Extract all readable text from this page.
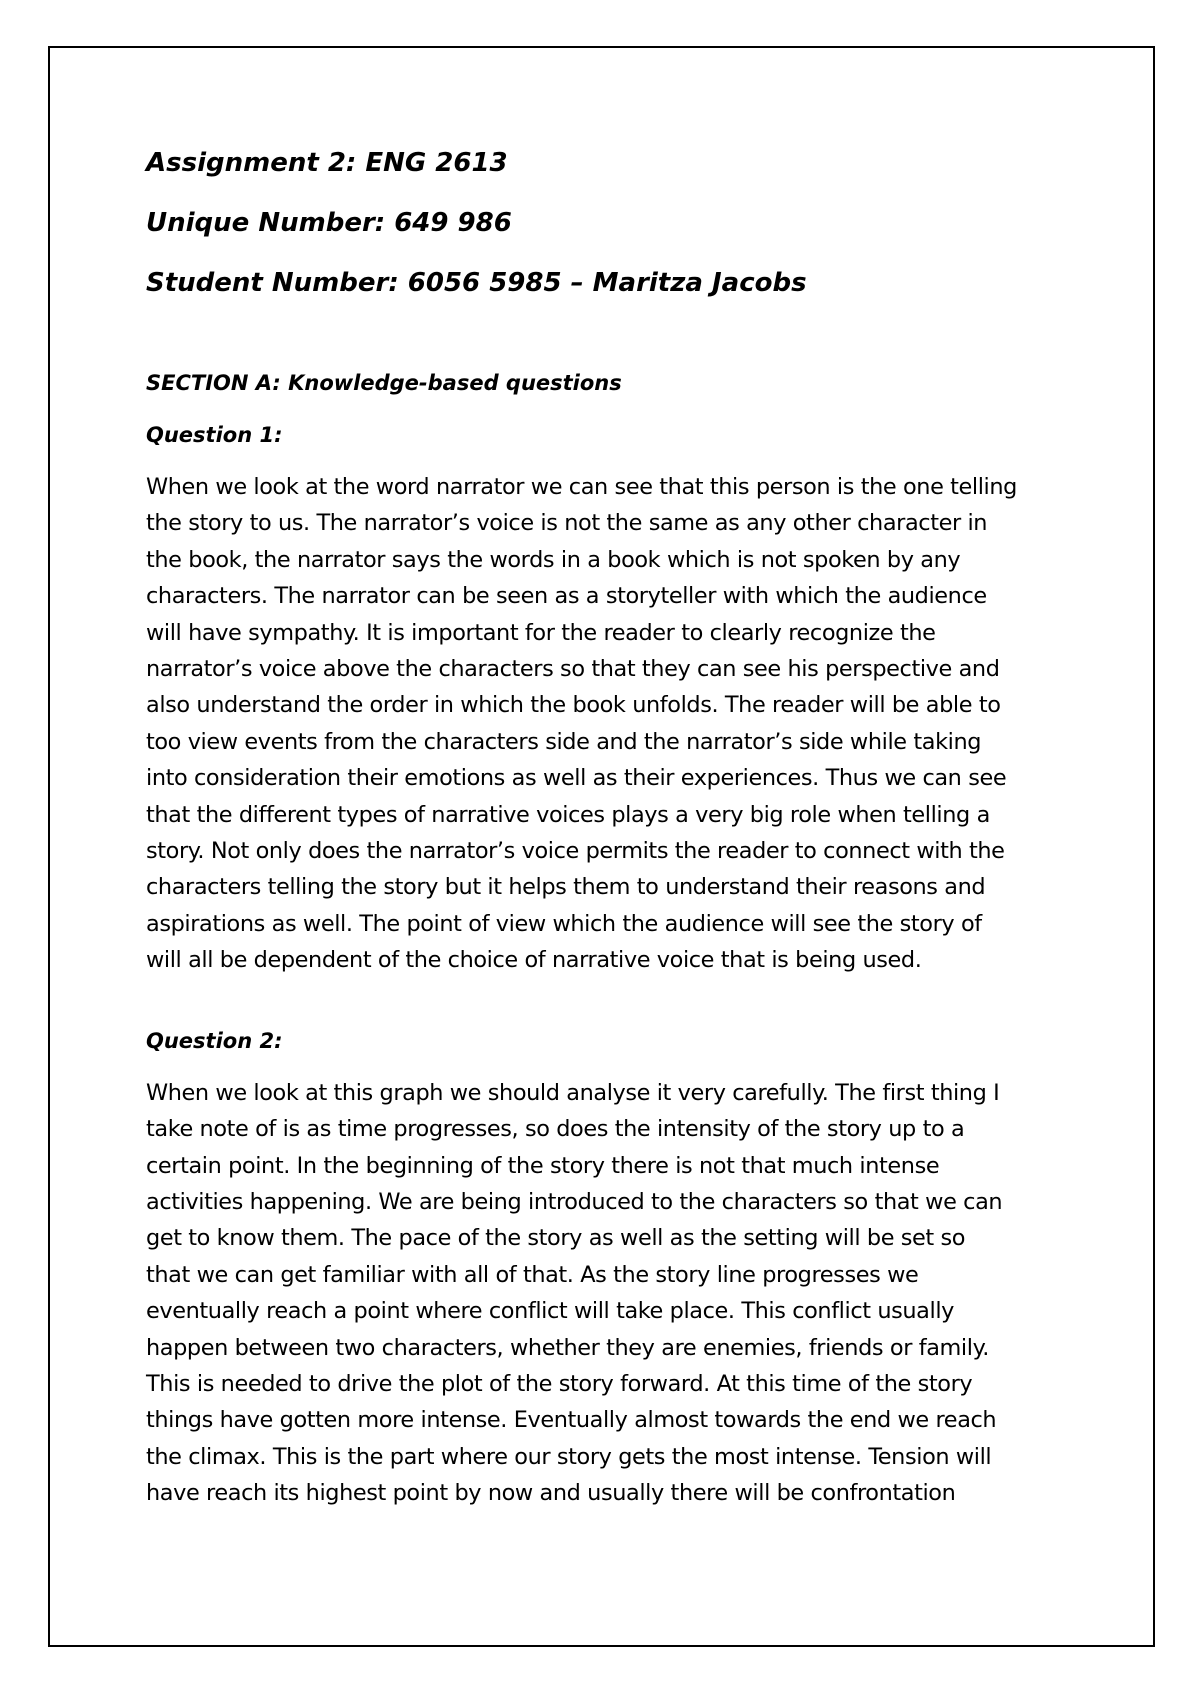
Assignment 2: ENG 2613

Unique Number: 649 986

Student Number: 6056 5985 – Maritza Jacobs

SECTION A: Knowledge-based questions

Question 1:

When we look at the word narrator we can see that this person is the one telling
the story to us. The narrator’s voice is not the same as any other character in
the book, the narrator says the words in a book which is not spoken by any
characters. The narrator can be seen as a storyteller with which the audience
will have sympathy. It is important for the reader to clearly recognize the
narrator’s voice above the characters so that they can see his perspective and
also understand the order in which the book unfolds. The reader will be able to
too view events from the characters side and the narrator’s side while taking
into consideration their emotions as well as their experiences. Thus we can see
that the different types of narrative voices plays a very big role when telling a
story. Not only does the narrator’s voice permits the reader to connect with the
characters telling the story but it helps them to understand their reasons and
aspirations as well. The point of view which the audience will see the story of
will all be dependent of the choice of narrative voice that is being used.

Question 2:

When we look at this graph we should analyse it very carefully. The first thing I
take note of is as time progresses, so does the intensity of the story up to a
certain point. In the beginning of the story there is not that much intense
activities happening. We are being introduced to the characters so that we can
get to know them. The pace of the story as well as the setting will be set so
that we can get familiar with all of that. As the story line progresses we
eventually reach a point where conflict will take place. This conflict usually
happen between two characters, whether they are enemies, friends or family.
This is needed to drive the plot of the story forward. At this time of the story
things have gotten more intense. Eventually almost towards the end we reach
the climax. This is the part where our story gets the most intense. Tension will
have reach its highest point by now and usually there will be confrontation
